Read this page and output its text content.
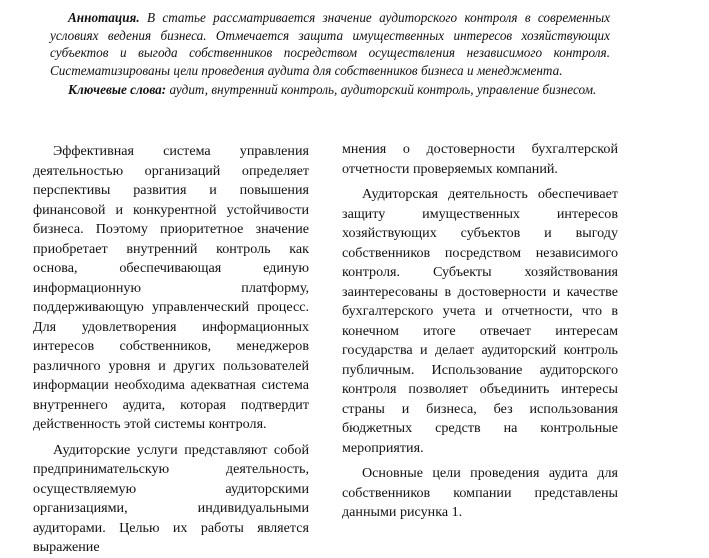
Аннотация. В статье рассматривается значение аудиторского контроля в современных условиях ведения бизнеса. Отмечается защита имущественных интересов хозяйствующих субъектов и выгода собственников посредством осуществления независимого контроля. Систематизированы цели проведения аудита для собственников бизнеса и менеджмента.

Ключевые слова: аудит, внутренний контроль, аудиторский контроль, управление бизнесом.

Эффективная система управления деятельностью организаций определяет перспективы развития и повышения финансовой и конкурентной устойчивости бизнеса. Поэтому приоритетное значение приобретает внутренний контроль как основа, обеспечивающая единую информационную платформу, поддерживающую управленческий процесс. Для удовлетворения информационных интересов собственников, менеджеров различного уровня и других пользователей информации необходима адекватная система внутреннего аудита, которая подтвердит действенность этой системы контроля.

Аудиторские услуги представляют собой предпринимательскую деятельность, осуществляемую аудиторскими организациями, индивидуальными аудиторами. Целью их работы является выражение

мнения о достоверности бухгалтерской отчетности проверяемых компаний.

Аудиторская деятельность обеспечивает защиту имущественных интересов хозяйствующих субъектов и выгоду собственников посредством независимого контроля. Субъекты хозяйствования заинтересованы в достоверности и качестве бухгалтерского учета и отчетности, что в конечном итоге отвечает интересам государства и делает аудиторский контроль публичным. Использование аудиторского контроля позволяет объединить интересы страны и бизнеса, без использования бюджетных средств на контрольные мероприятия.

Основные цели проведения аудита для собственников компании представлены данными рисунка 1.
